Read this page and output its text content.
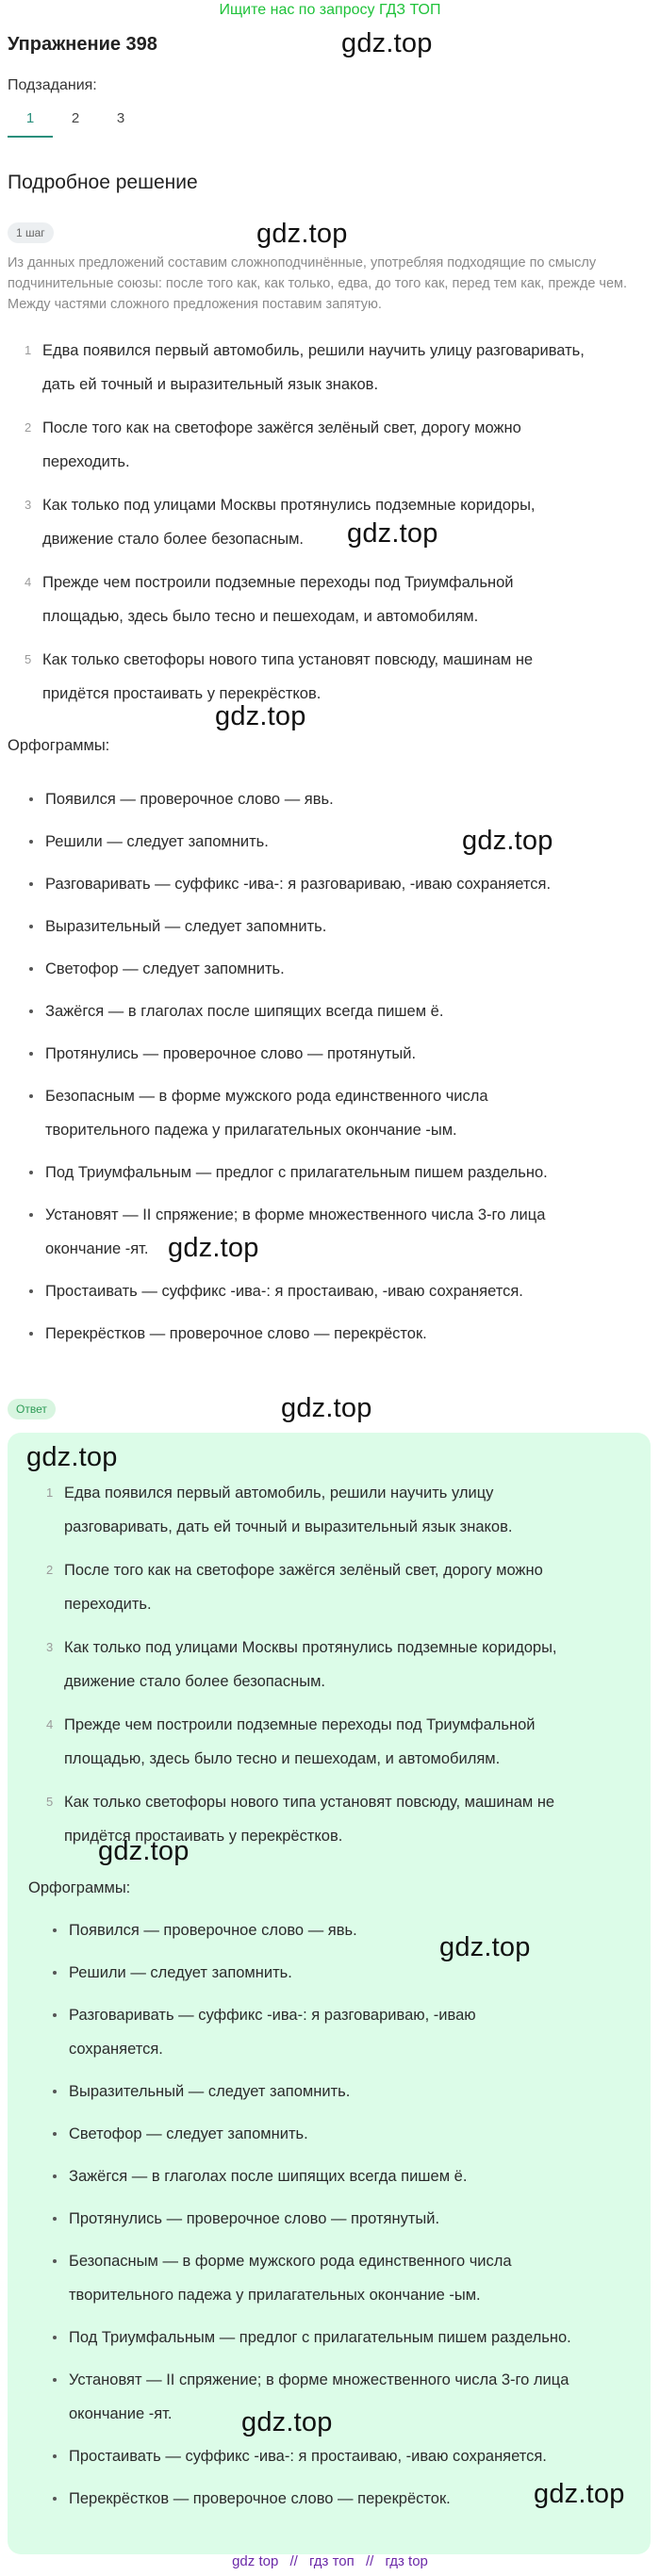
Ищите нас по запросу ГДЗ ТОП
Упражнение 398	gdz.top
gdz.top
gdz.top
gdz.top
gdz.top
gdz.top
gdz.top
Подзадания:
1	2	3
Подробное решение
1 шаг
Из данных предложений составим сложноподчинённые, употребляя подходящие по смыслу подчинительные союзы: после того как, как только, едва, до того как, перед тем как, прежде чем. Между частями сложного предложения поставим запятую.
1 Едва появился первый автомобиль, решили научить улицу разговаривать,
дать ей точный и выразительный язык знаков.
2 После того как на светофоре зажёгся зелёный свет, дорогу можно
переходить.
3 Как только под улицами Москвы протянулись подземные коридоры,
движение стало более безопасным.
4 Прежде чем построили подземные переходы под Триумфальной
площадью, здесь было тесно и пешеходам, и автомобилям.
5 Как только светофоры нового типа установят повсюду, машинам не
придётся простаивать у перекрёстков.
Орфограммы:
Появился — проверочное слово — явь.
Решили — следует запомнить.
Разговаривать — суффикс -ива-: я разговариваю, -иваю сохраняется.
Выразительный — следует запомнить.
Светофор — следует запомнить.
Зажёгся — в глаголах после шипящих всегда пишем ё.
Протянулись — проверочное слово — протянутый.
Безопасным — в форме мужского рода единственного числа
творительного падежа у прилагательных окончание -ым.
Под Триумфальным — предлог с прилагательным пишем раздельно.
Установят — II спряжение; в форме множественного числа 3-го лица
окончание -ят.
Простаивать — суффикс -ива-: я простаиваю, -иваю сохраняется.
Перекрёстков — проверочное слово — перекрёсток.
Ответ
gdz.top
gdz.top
gdz.top
gdz.top
gdz.top
1 Едва появился первый автомобиль, решили научить улицу
разговаривать, дать ей точный и выразительный язык знаков.
2 После того как на светофоре зажёгся зелёный свет, дорогу можно
переходить.
3 Как только под улицами Москвы протянулись подземные коридоры,
движение стало более безопасным.
4 Прежде чем построили подземные переходы под Триумфальной
площадью, здесь было тесно и пешеходам, и автомобилям.
5 Как только светофоры нового типа установят повсюду, машинам не
придётся простаивать у перекрёстков.
Орфограммы:
Появился — проверочное слово — явь.
Решили — следует запомнить.
Разговаривать — суффикс -ива-: я разговариваю, -иваю
сохраняется.
Выразительный — следует запомнить.
Светофор — следует запомнить.
Зажёгся — в глаголах после шипящих всегда пишем ё.
Протянулись — проверочное слово — протянутый.
Безопасным — в форме мужского рода единственного числа
творительного падежа у прилагательных окончание -ым.
Под Триумфальным — предлог с прилагательным пишем раздельно.
Установят — II спряжение; в форме множественного числа 3-го лица
окончание -ят.
Простаивать — суффикс -ива-: я простаиваю, -иваю сохраняется.
Перекрёстков — проверочное слово — перекрёсток.
gdz top // гдз топ // гдз top
